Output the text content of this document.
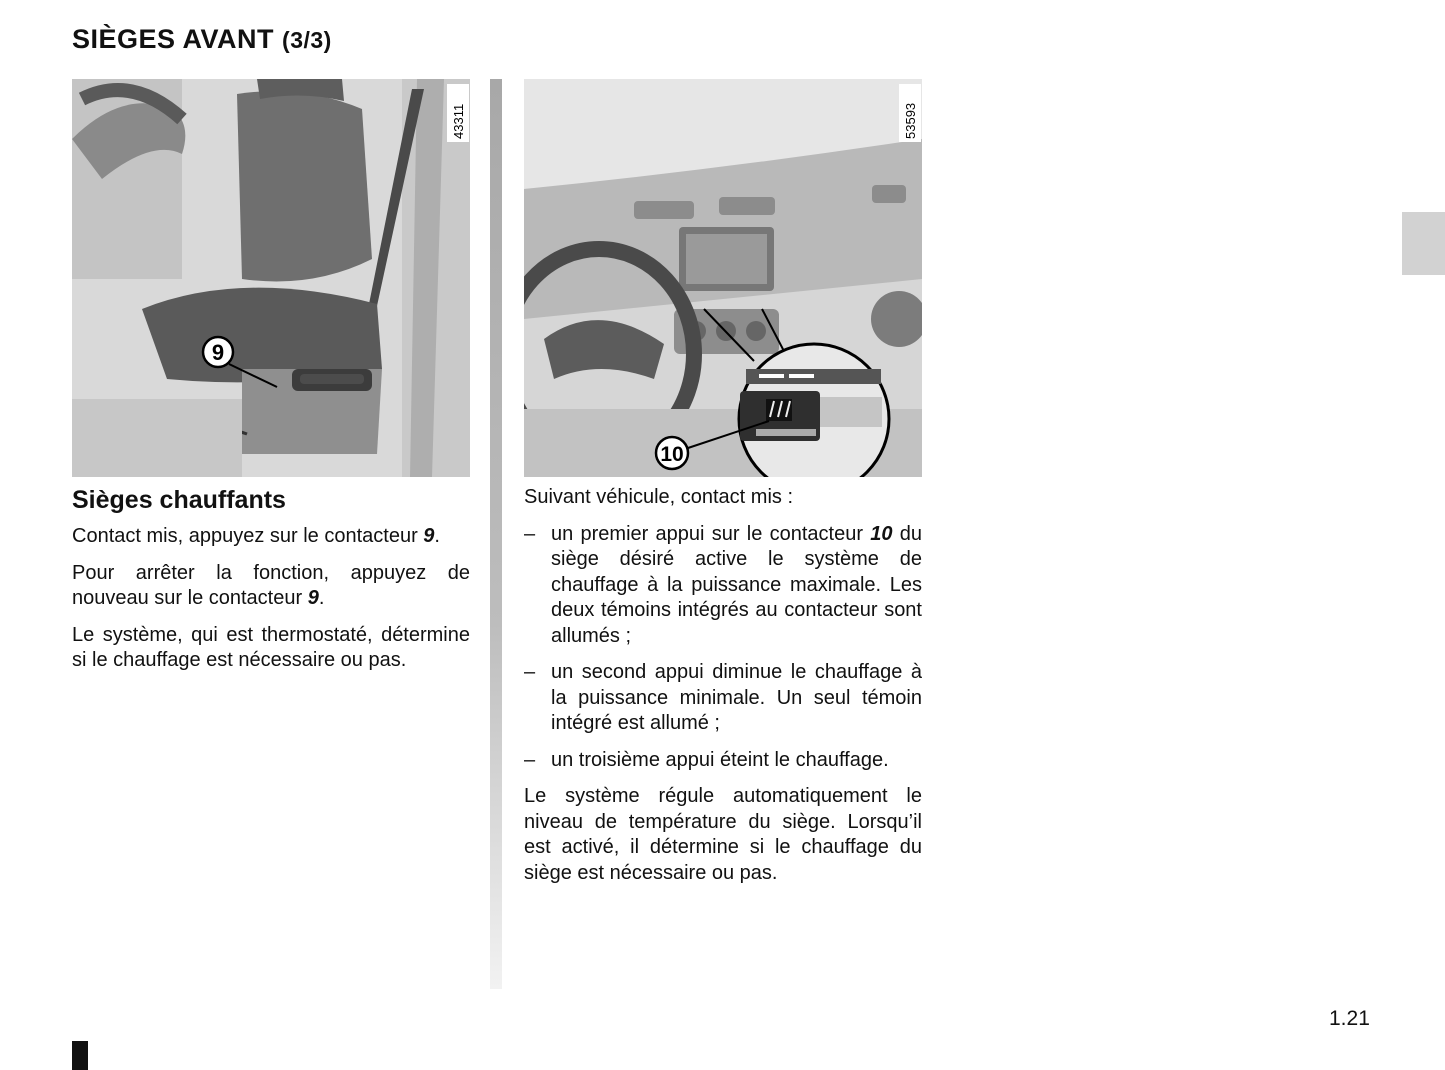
SIÈGES AVANT (3/3)
9
43311
10
53593
Sièges chauffants

Contact mis, appuyez sur le contacteur 9.

Pour arrêter la fonction, appuyez de nouveau sur le contacteur 9.

Le système, qui est thermostaté, détermine si le chauffage est nécessaire ou pas.

Suivant véhicule, contact mis :

– un premier appui sur le contacteur 10 du siège désiré active le système de chauffage à la puissance maximale. Les deux témoins intégrés au contacteur sont allumés ;
– un second appui diminue le chauffage à la puissance minimale. Un seul témoin intégré est allumé ;
– un troisième appui éteint le chauffage.

Le système régule automatiquement le niveau de température du siège. Lorsqu’il est activé, il détermine si le chauffage du siège est nécessaire ou pas.

1.21
